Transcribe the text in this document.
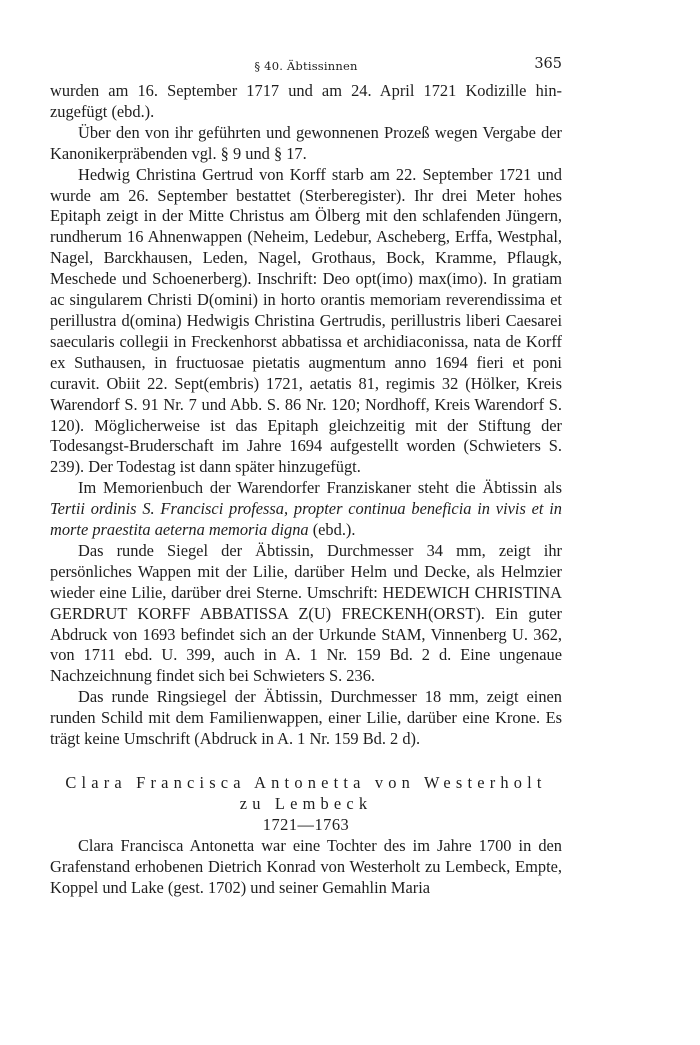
§ 40. Äbtissinnen	365

wurden am 16. September 1717 und am 24. April 1721 Kodizille hin-zugefügt (ebd.).

Über den von ihr geführten und gewonnenen Prozeß wegen Vergabe der Kanonikerpräbenden vgl. § 9 und § 17.

Hedwig Christina Gertrud von Korff starb am 22. September 1721 und wurde am 26. September bestattet (Sterberegister). Ihr drei Meter hohes Epitaph zeigt in der Mitte Christus am Ölberg mit den schlafenden Jüngern, rundherum 16 Ahnenwappen (Neheim, Ledebur, Ascheberg, Erffa, Westphal, Nagel, Barckhausen, Leden, Nagel, Grothaus, Bock, Kramme, Pflaugk, Meschede und Schoenerberg). Inschrift: Deo opt(imo) max(imo). In gratiam ac singularem Christi D(omini) in horto orantis memoriam reverendissima et perillustra d(omina) Hedwigis Christina Gertrudis, perillustris liberi Caesarei saecularis collegii in Freckenhorst abbatissa et archidiaconissa, nata de Korff ex Suthausen, in fructuosae pietatis augmentum anno 1694 fieri et poni curavit. Obiit 22. Sept(embris) 1721, aetatis 81, regimis 32 (Hölker, Kreis Warendorf S. 91 Nr. 7 und Abb. S. 86 Nr. 120; Nordhoff, Kreis Warendorf S. 120). Möglicherweise ist das Epitaph gleichzeitig mit der Stiftung der Todesangst-Bruderschaft im Jahre 1694 aufgestellt worden (Schwieters S. 239). Der Todestag ist dann später hinzugefügt.

Im Memorienbuch der Warendorfer Franziskaner steht die Äbtissin als Tertii ordinis S. Francisci professa, propter continua beneficia in vivis et in morte praestita aeterna memoria digna (ebd.).

Das runde Siegel der Äbtissin, Durchmesser 34 mm, zeigt ihr persönliches Wappen mit der Lilie, darüber Helm und Decke, als Helmzier wieder eine Lilie, darüber drei Sterne. Umschrift: HEDEWICH CHRISTINA GERDRUT KORFF ABBATISSA Z(U) FRECKENH(ORST). Ein guter Abdruck von 1693 befindet sich an der Urkunde StAM, Vinnenberg U. 362, von 1711 ebd. U. 399, auch in A. 1 Nr. 159 Bd. 2 d. Eine ungenaue Nachzeichnung findet sich bei Schwieters S. 236.

Das runde Ringsiegel der Äbtissin, Durchmesser 18 mm, zeigt einen runden Schild mit dem Familienwappen, einer Lilie, darüber eine Krone. Es trägt keine Umschrift (Abdruck in A. 1 Nr. 159 Bd. 2 d).

Clara Francisca Antonetta von Westerholt
zu Lembeck
1721—1763

Clara Francisca Antonetta war eine Tochter des im Jahre 1700 in den Grafenstand erhobenen Dietrich Konrad von Westerholt zu Lembeck, Empte, Koppel und Lake (gest. 1702) und seiner Gemahlin Maria
